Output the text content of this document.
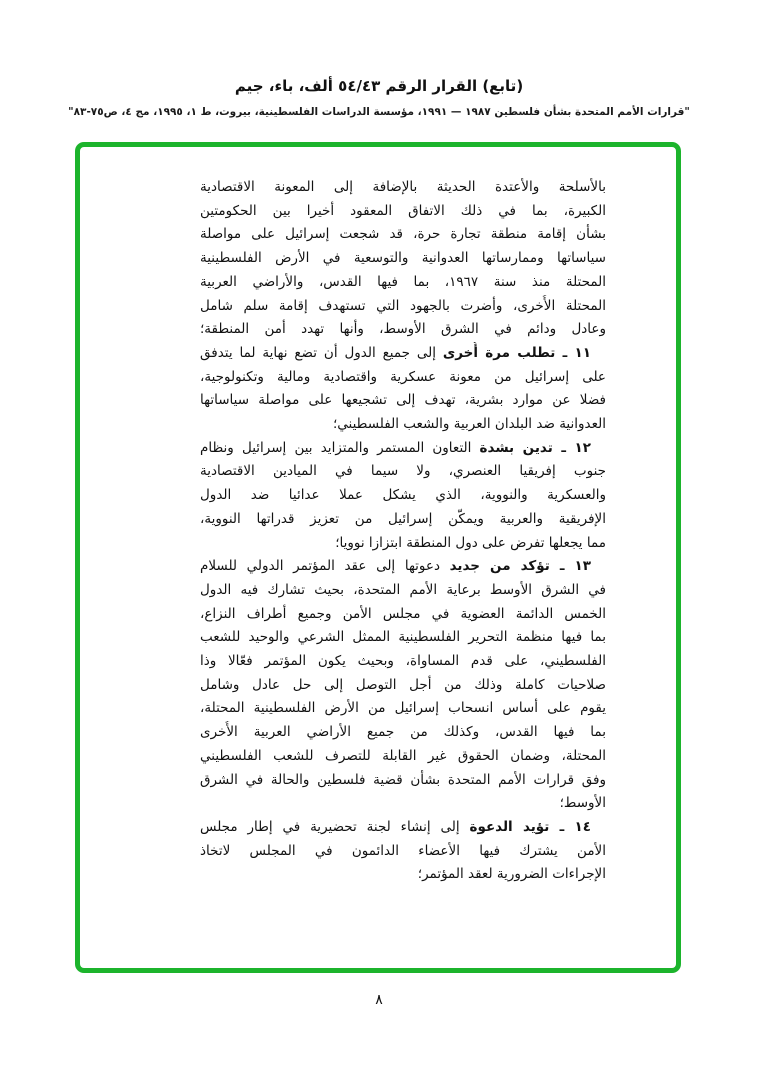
(تابع) القرار الرقم ٥٤/٤٣ ألف، باء، جيم
"قرارات الأمم المتحدة بشأن فلسطين ١٩٨٧ — ١٩٩١، مؤسسة الدراسات الفلسطينية، بيروت، ط ١، ١٩٩٥، مج ٤، ص٧٥-٨٣"
بالأسلحة والأعتدة الحديثة بالإضافة إلى المعونة الاقتصادية
الكبيرة، بما في ذلك الاتفاق المعقود أخيرا بين الحكومتين
بشأن إقامة منطقة تجارة حرة، قد شجعت إسرائيل على مواصلة
سياساتها وممارساتها العدوانية والتوسعية في الأرض الفلسطينية
المحتلة منذ سنة ١٩٦٧، بما فيها القدس، والأراضي العربية
المحتلة الأُخرى، وأضرت بالجهود التي تستهدف إقامة سلم شامل
وعادل ودائم في الشرق الأوسط، وأنها تهدد أمن المنطقة؛
١١ ـ تطلب مرة أُخرى إلى جميع الدول أن تضع نهاية لما يتدفق
على إسرائيل من معونة عسكرية واقتصادية ومالية وتكنولوجية،
فضلا عن موارد بشرية، تهدف إلى تشجيعها على مواصلة سياساتها
العدوانية ضد البلدان العربية والشعب الفلسطيني؛
١٢ ـ تدين بشدة التعاون المستمر والمتزايد بين إسرائيل ونظام
جنوب إفريقيا العنصري، ولا سيما في الميادين الاقتصادية
والعسكرية والنووية، الذي يشكل عملا عدائيا ضد الدول
الإفريقية والعربية ويمكّن إسرائيل من تعزيز قدراتها النووية،
مما يجعلها تفرض على دول المنطقة ابتزازا نوويا؛
١٣ ـ تؤكد من جديد دعوتها إلى عقد المؤتمر الدولي للسلام
في الشرق الأوسط برعاية الأمم المتحدة، بحيث تشارك فيه الدول
الخمس الدائمة العضوية في مجلس الأمن وجميع أطراف النزاع،
بما فيها منظمة التحرير الفلسطينية الممثل الشرعي والوحيد للشعب
الفلسطيني، على قدم المساواة، وبحيث يكون المؤتمر فعّالا وذا
صلاحيات كاملة وذلك من أجل التوصل إلى حل عادل وشامل
يقوم على أساس انسحاب إسرائيل من الأرض الفلسطينية المحتلة،
بما فيها القدس، وكذلك من جميع الأراضي العربية الأُخرى
المحتلة، وضمان الحقوق غير القابلة للتصرف للشعب الفلسطيني
وفق قرارات الأمم المتحدة بشأن قضية فلسطين والحالة في الشرق
الأوسط؛
١٤ ـ تؤيد الدعوة إلى إنشاء لجنة تحضيرية في إطار مجلس
الأمن يشترك فيها الأعضاء الدائمون في المجلس لاتخاذ
الإجراءات الضرورية لعقد المؤتمر؛
٨
